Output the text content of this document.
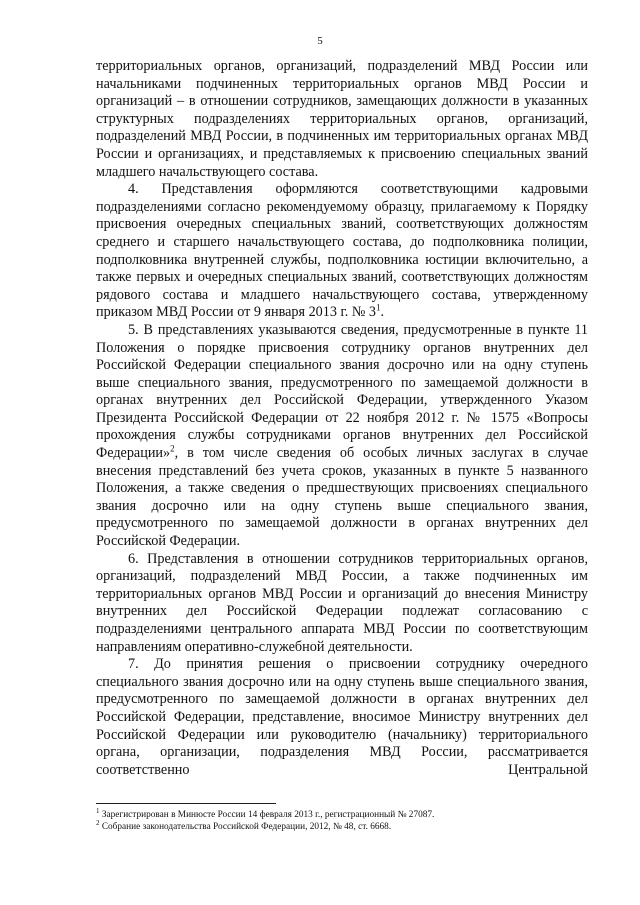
5

территориальных органов, организаций, подразделений МВД России или начальниками подчиненных территориальных органов МВД России и организаций – в отношении сотрудников, замещающих должности в указанных структурных подразделениях территориальных органов, организаций, подразделений МВД России, в подчиненных им территориальных органах МВД России и организациях, и представляемых к присвоению специальных званий младшего начальствующего состава.

4. Представления оформляются соответствующими кадровыми подразделениями согласно рекомендуемому образцу, прилагаемому к Порядку присвоения очередных специальных званий, соответствующих должностям среднего и старшего начальствующего состава, до подполковника полиции, подполковника внутренней службы, подполковника юстиции включительно, а также первых и очередных специальных званий, соответствующих должностям рядового состава и младшего начальствующего состава, утвержденному приказом МВД России от 9 января 2013 г. № $3^1$.

5. В представлениях указываются сведения, предусмотренные в пункте 11 Положения о порядке присвоения сотруднику органов внутренних дел Российской Федерации специального звания досрочно или на одну ступень выше специального звания, предусмотренного по замещаемой должности в органах внутренних дел Российской Федерации, утвержденного Указом Президента Российской Федерации от 22 ноября 2012 г. № 1575 «Вопросы прохождения службы сотрудниками органов внутренних дел Российской Федерации»$^2$, в том числе сведения об особых личных заслугах в случае внесения представлений без учета сроков, указанных в пункте 5 названного Положения, а также сведения о предшествующих присвоениях специального звания досрочно или на одну ступень выше специального звания, предусмотренного по замещаемой должности в органах внутренних дел Российской Федерации.

6. Представления в отношении сотрудников территориальных органов, организаций, подразделений МВД России, а также подчиненных им территориальных органов МВД России и организаций до внесения Министру внутренних дел Российской Федерации подлежат согласованию с подразделениями центрального аппарата МВД России по соответствующим направлениям оперативно-служебной деятельности.

7. До принятия решения о присвоении сотруднику очередного специального звания досрочно или на одну ступень выше специального звания, предусмотренного по замещаемой должности в органах внутренних дел Российской Федерации, представление, вносимое Министру внутренних дел Российской Федерации или руководителю (начальнику) территориального органа, организации, подразделения МВД России, рассматривается соответственно Центральной

$^1$ Зарегистрирован в Минюсте России 14 февраля 2013 г., регистрационный № 27087.

$^2$ Собрание законодательства Российской Федерации, 2012, № 48, ст. 6668.
